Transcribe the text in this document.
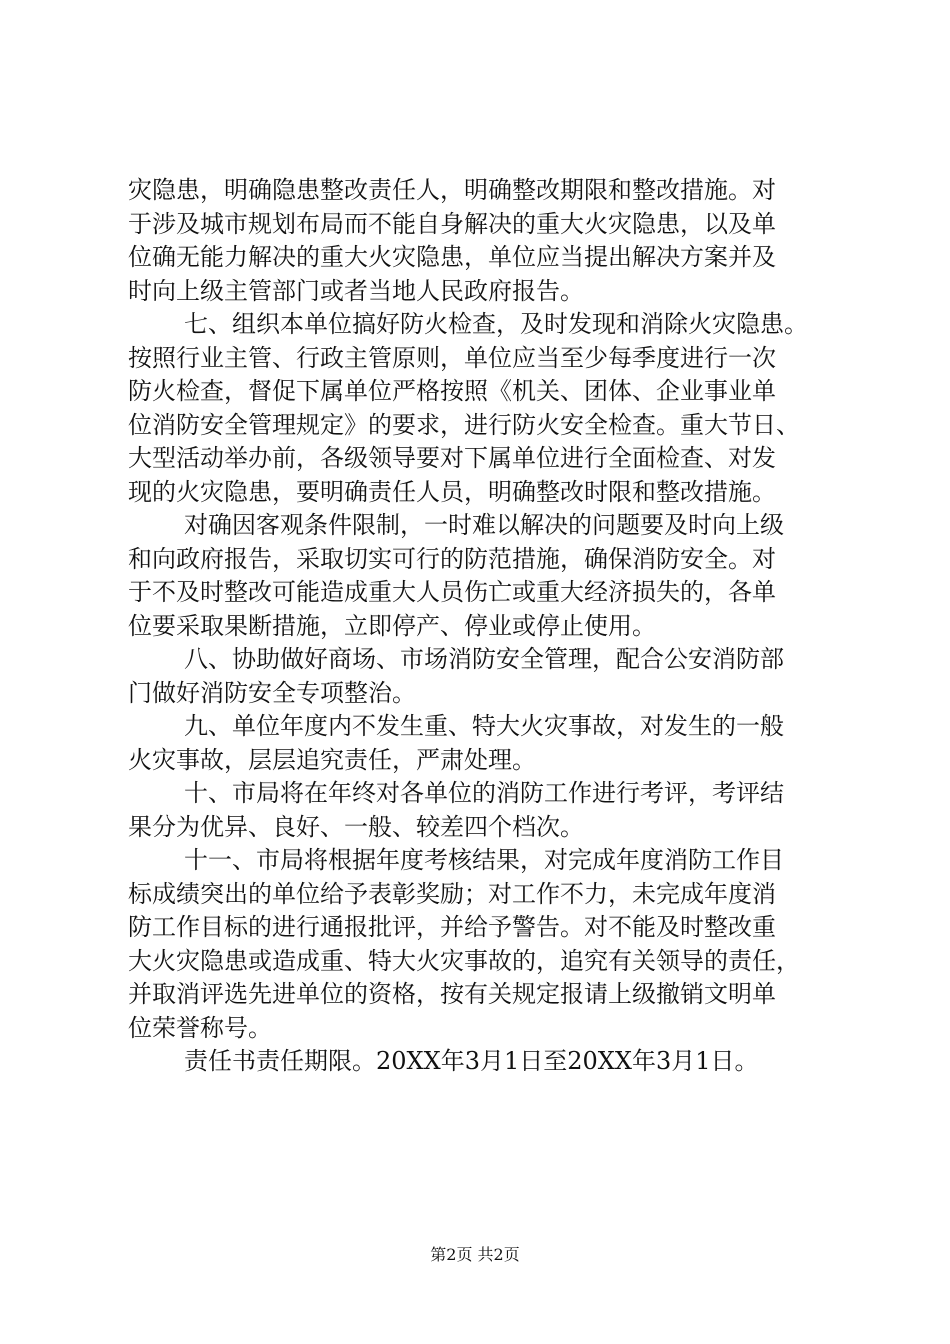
灾隐患，明确隐患整改责任人，明确整改期限和整改措施。对
于涉及城市规划布局而不能自身解决的重大火灾隐患，以及单
位确无能力解决的重大火灾隐患，单位应当提出解决方案并及
时向上级主管部门或者当地人民政府报告。
七、组织本单位搞好防火检查，及时发现和消除火灾隐患。
按照行业主管、行政主管原则，单位应当至少每季度进行一次
防火检查，督促下属单位严格按照《机关、团体、企业事业单
位消防安全管理规定》的要求，进行防火安全检查。重大节日、
大型活动举办前，各级领导要对下属单位进行全面检查、对发
现的火灾隐患，要明确责任人员，明确整改时限和整改措施。
对确因客观条件限制，一时难以解决的问题要及时向上级
和向政府报告，采取切实可行的防范措施，确保消防安全。对
于不及时整改可能造成重大人员伤亡或重大经济损失的，各单
位要采取果断措施，立即停产、停业或停止使用。
八、协助做好商场、市场消防安全管理，配合公安消防部
门做好消防安全专项整治。
九、单位年度内不发生重、特大火灾事故，对发生的一般
火灾事故，层层追究责任，严肃处理。
十、市局将在年终对各单位的消防工作进行考评，考评结
果分为优异、良好、一般、较差四个档次。
十一、市局将根据年度考核结果，对完成年度消防工作目
标成绩突出的单位给予表彰奖励；对工作不力，未完成年度消
防工作目标的进行通报批评，并给予警告。对不能及时整改重
大火灾隐患或造成重、特大火灾事故的，追究有关领导的责任，
并取消评选先进单位的资格，按有关规定报请上级撤销文明单
位荣誉称号。
责任书责任期限。20XX年3月1日至20XX年3月1日。
第2页 共2页
